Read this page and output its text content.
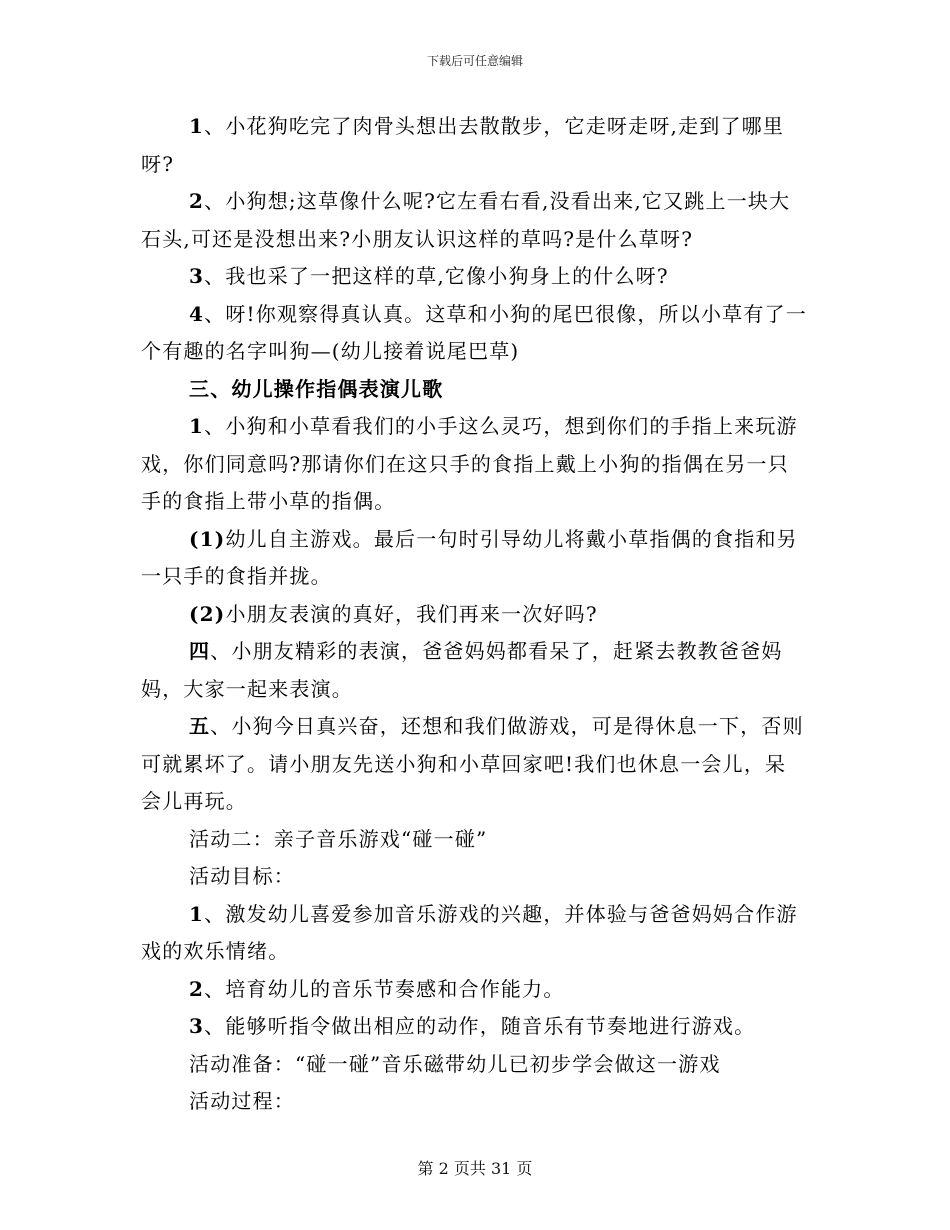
下载后可任意编辑

1、小花狗吃完了肉骨头想出去散散步，它走呀走呀,走到了哪里呀?

2、小狗想;这草像什么呢?它左看右看,没看出来,它又跳上一块大石头,可还是没想出来?小朋友认识这样的草吗?是什么草呀?

3、我也采了一把这样的草,它像小狗身上的什么呀?

4、呀!你观察得真认真。这草和小狗的尾巴很像，所以小草有了一个有趣的名字叫狗—(幼儿接着说尾巴草)

三、幼儿操作指偶表演儿歌

1、小狗和小草看我们的小手这么灵巧，想到你们的手指上来玩游戏，你们同意吗?那请你们在这只手的食指上戴上小狗的指偶在另一只手的食指上带小草的指偶。

(1)幼儿自主游戏。最后一句时引导幼儿将戴小草指偶的食指和另一只手的食指并拢。

(2)小朋友表演的真好，我们再来一次好吗?

四、小朋友精彩的表演，爸爸妈妈都看呆了，赶紧去教教爸爸妈妈，大家一起来表演。

五、小狗今日真兴奋，还想和我们做游戏，可是得休息一下，否则可就累坏了。请小朋友先送小狗和小草回家吧!我们也休息一会儿，呆会儿再玩。

活动二：亲子音乐游戏“碰一碰”

活动目标：

1、激发幼儿喜爱参加音乐游戏的兴趣，并体验与爸爸妈妈合作游戏的欢乐情绪。

2、培育幼儿的音乐节奏感和合作能力。

3、能够听指令做出相应的动作，随音乐有节奏地进行游戏。

活动准备：“碰一碰”音乐磁带幼儿已初步学会做这一游戏

活动过程：

第 2 页共 31 页
